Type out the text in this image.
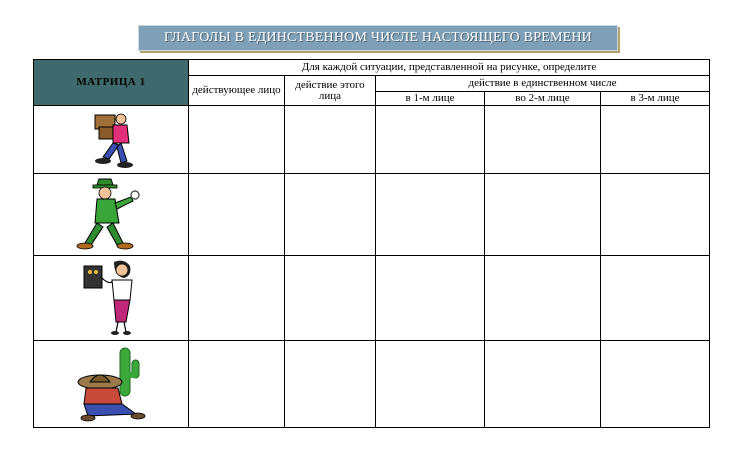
ГЛАГОЛЫ В ЕДИНСТВЕННОМ ЧИСЛЕ НАСТОЯЩЕГО ВРЕМЕНИ
МАТРИЦА 1	Для каждой ситуации, представленной на рисунке, определите				
	действующее лицо	действие этого лица	действие в единственном числе		
			в 1-м лице	во 2-м лице	в 3-м лице
